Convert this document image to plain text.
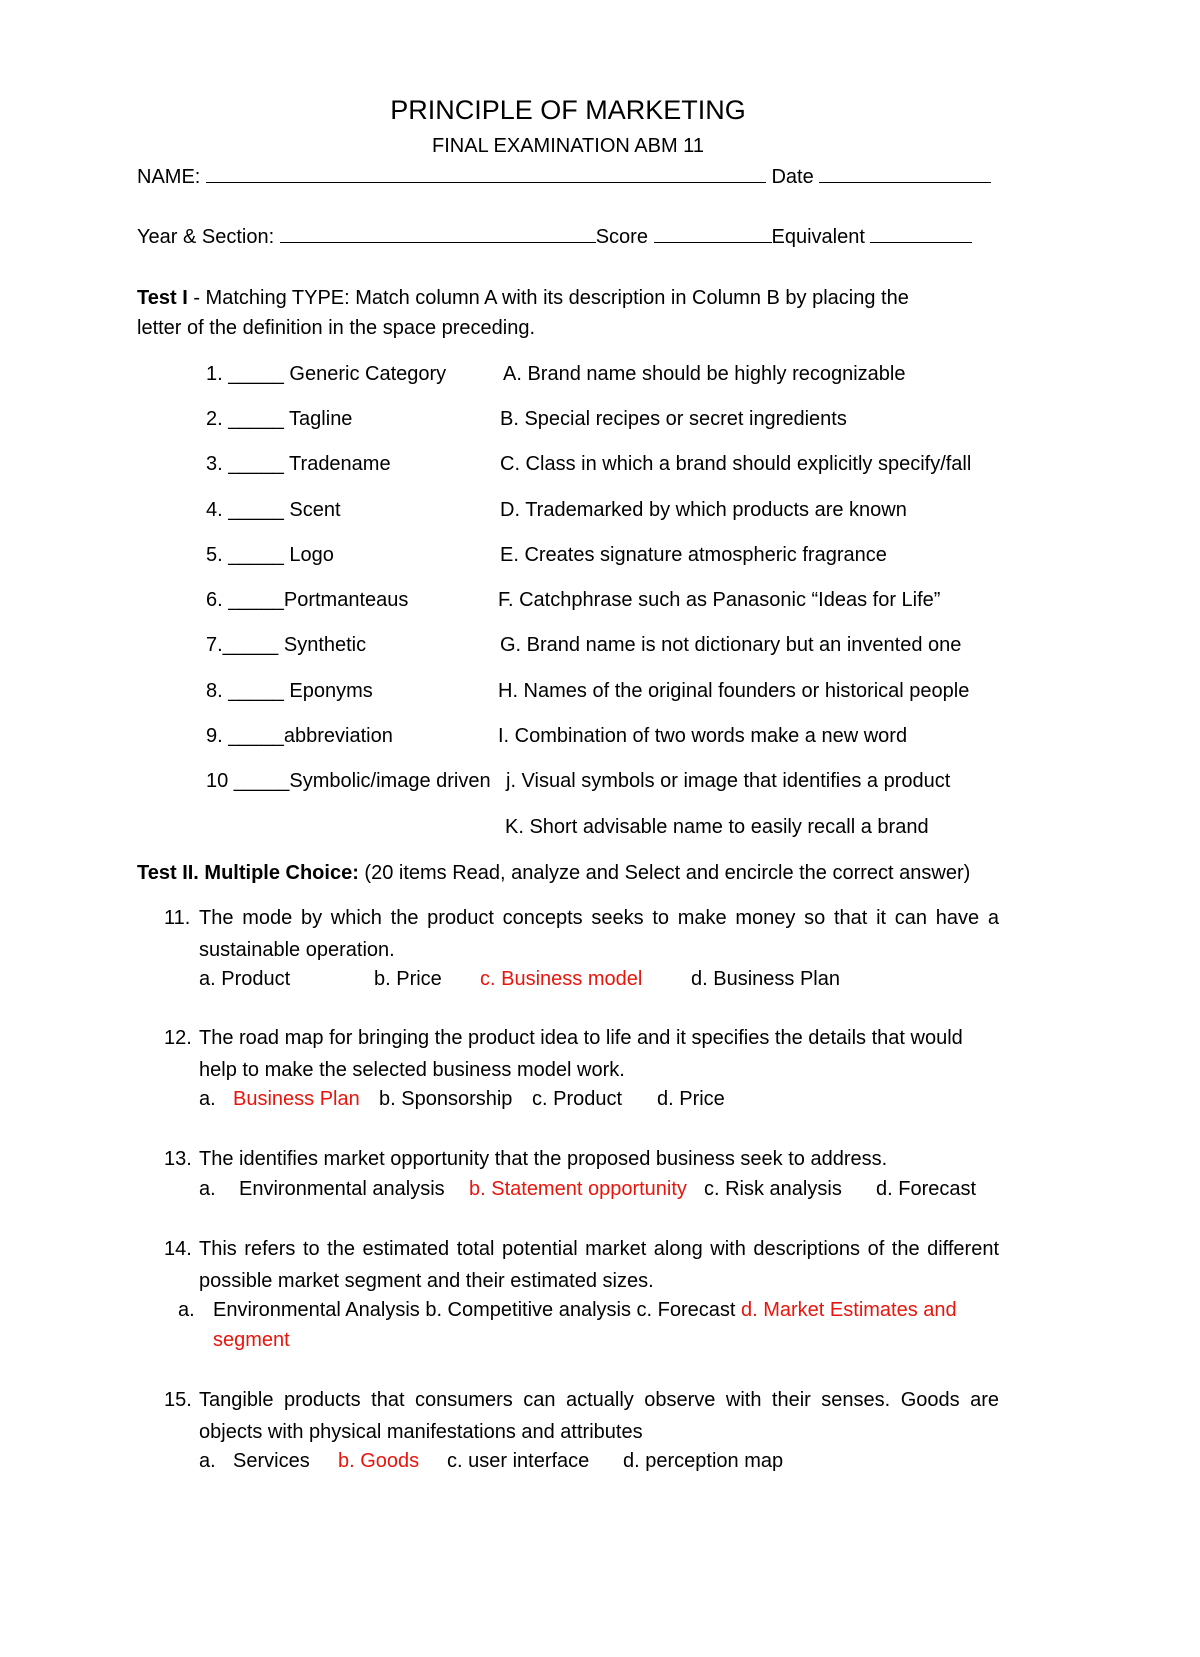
PRINCIPLE OF MARKETING
FINAL EXAMINATION ABM 11
NAME:	Date
Year & Section:	Score	Equivalent
Test I - Matching TYPE: Match column A with its description in Column B by placing the
letter of the definition in the space preceding.
1. _____ Generic Category	A. Brand name should be highly recognizable
2. _____ Tagline	B. Special recipes or secret ingredients
3. _____ Tradename	C. Class in which a brand should explicitly specify/fall
4. _____ Scent	D. Trademarked by which products are known
5. _____ Logo	E. Creates signature atmospheric fragrance
6. _____Portmanteaus	F. Catchphrase such as Panasonic “Ideas for Life”
7._____ Synthetic	G. Brand name is not dictionary but an invented one
8. _____ Eponyms	H. Names of the original founders or historical people
9. _____abbreviation	I. Combination of two words make a new word
10 _____Symbolic/image driven j. Visual symbols or image that identifies a product
K. Short advisable name to easily recall a brand
Test II. Multiple Choice: (20 items Read, analyze and Select and encircle the correct answer)
11. The mode by which the product concepts seeks to make money so that it can have a sustainable operation.
a. Product	b. Price c. Business model d. Business Plan
12. The road map for bringing the product idea to life and it specifies the details that would help to make the selected business model work.
a. Business Plan b. Sponsorship c. Product d. Price
13. The identifies market opportunity that the proposed business seek to address.
a. Environmental analysis b. Statement opportunity c. Risk analysis d. Forecast
14. This refers to the estimated total potential market along with descriptions of the different possible market segment and their estimated sizes.
a. Environmental Analysis b. Competitive analysis c. Forecast d. Market Estimates and
segment
15. Tangible products that consumers can actually observe with their senses. Goods are objects with physical manifestations and attributes
a. Services b. Goods c. user interface d. perception map
